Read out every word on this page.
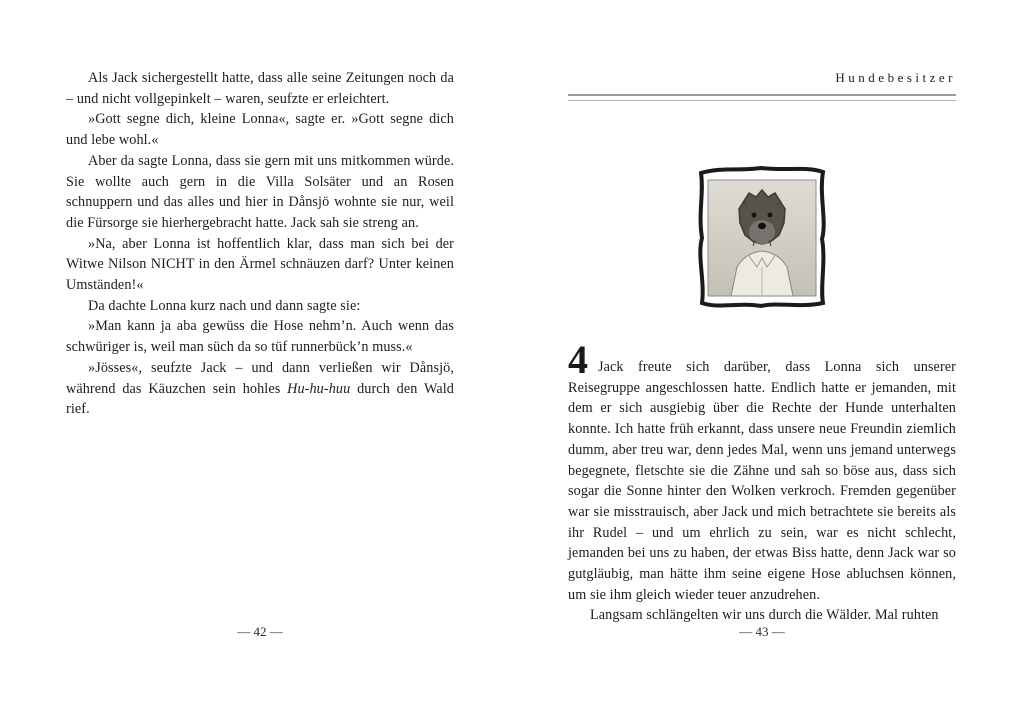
Als Jack sichergestellt hatte, dass alle seine Zeitungen noch da – und nicht vollgepinkelt – waren, seufzte er erleichtert.

»Gott segne dich, kleine Lonna«, sagte er. »Gott segne dich und lebe wohl.«

Aber da sagte Lonna, dass sie gern mit uns mitkommen würde. Sie wollte auch gern in die Villa Solsäter und an Rosen schnuppern und das alles und hier in Dånsjö wohnte sie nur, weil die Fürsorge sie hierhergebracht hatte. Jack sah sie streng an.

»Na, aber Lonna ist hoffentlich klar, dass man sich bei der Witwe Nilson NICHT in den Ärmel schnäuzen darf? Unter keinen Umständen!«

Da dachte Lonna kurz nach und dann sagte sie:

»Man kann ja aba gewüss die Hose nehm’n. Auch wenn das schwüriger is, weil man süch da so tüf runnerbück’n muss.«

»Jösses«, seufzte Jack – und dann verließen wir Dånsjö, während das Käuzchen sein hohles Hu-hu-huu durch den Wald rief.

Hundebesitzer

4 Jack freute sich darüber, dass Lonna sich unserer Reisegruppe angeschlossen hatte. Endlich hatte er jemanden, mit dem er sich ausgiebig über die Rechte der Hunde unterhalten konnte. Ich hatte früh erkannt, dass unsere neue Freundin ziemlich dumm, aber treu war, denn jedes Mal, wenn uns jemand unterwegs begegnete, fletschte sie die Zähne und sah so böse aus, dass sich sogar die Sonne hinter den Wolken verkroch. Fremden gegenüber war sie misstrauisch, aber Jack und mich betrachtete sie bereits als ihr Rudel – und um ehrlich zu sein, war es nicht schlecht, jemanden bei uns zu haben, der etwas Biss hatte, denn Jack war so gutgläubig, man hätte ihm seine eigene Hose abluchsen können, um sie ihm gleich wieder teuer anzudrehen.

Langsam schlängelten wir uns durch die Wälder. Mal ruhten

— 42 —	— 43 —
